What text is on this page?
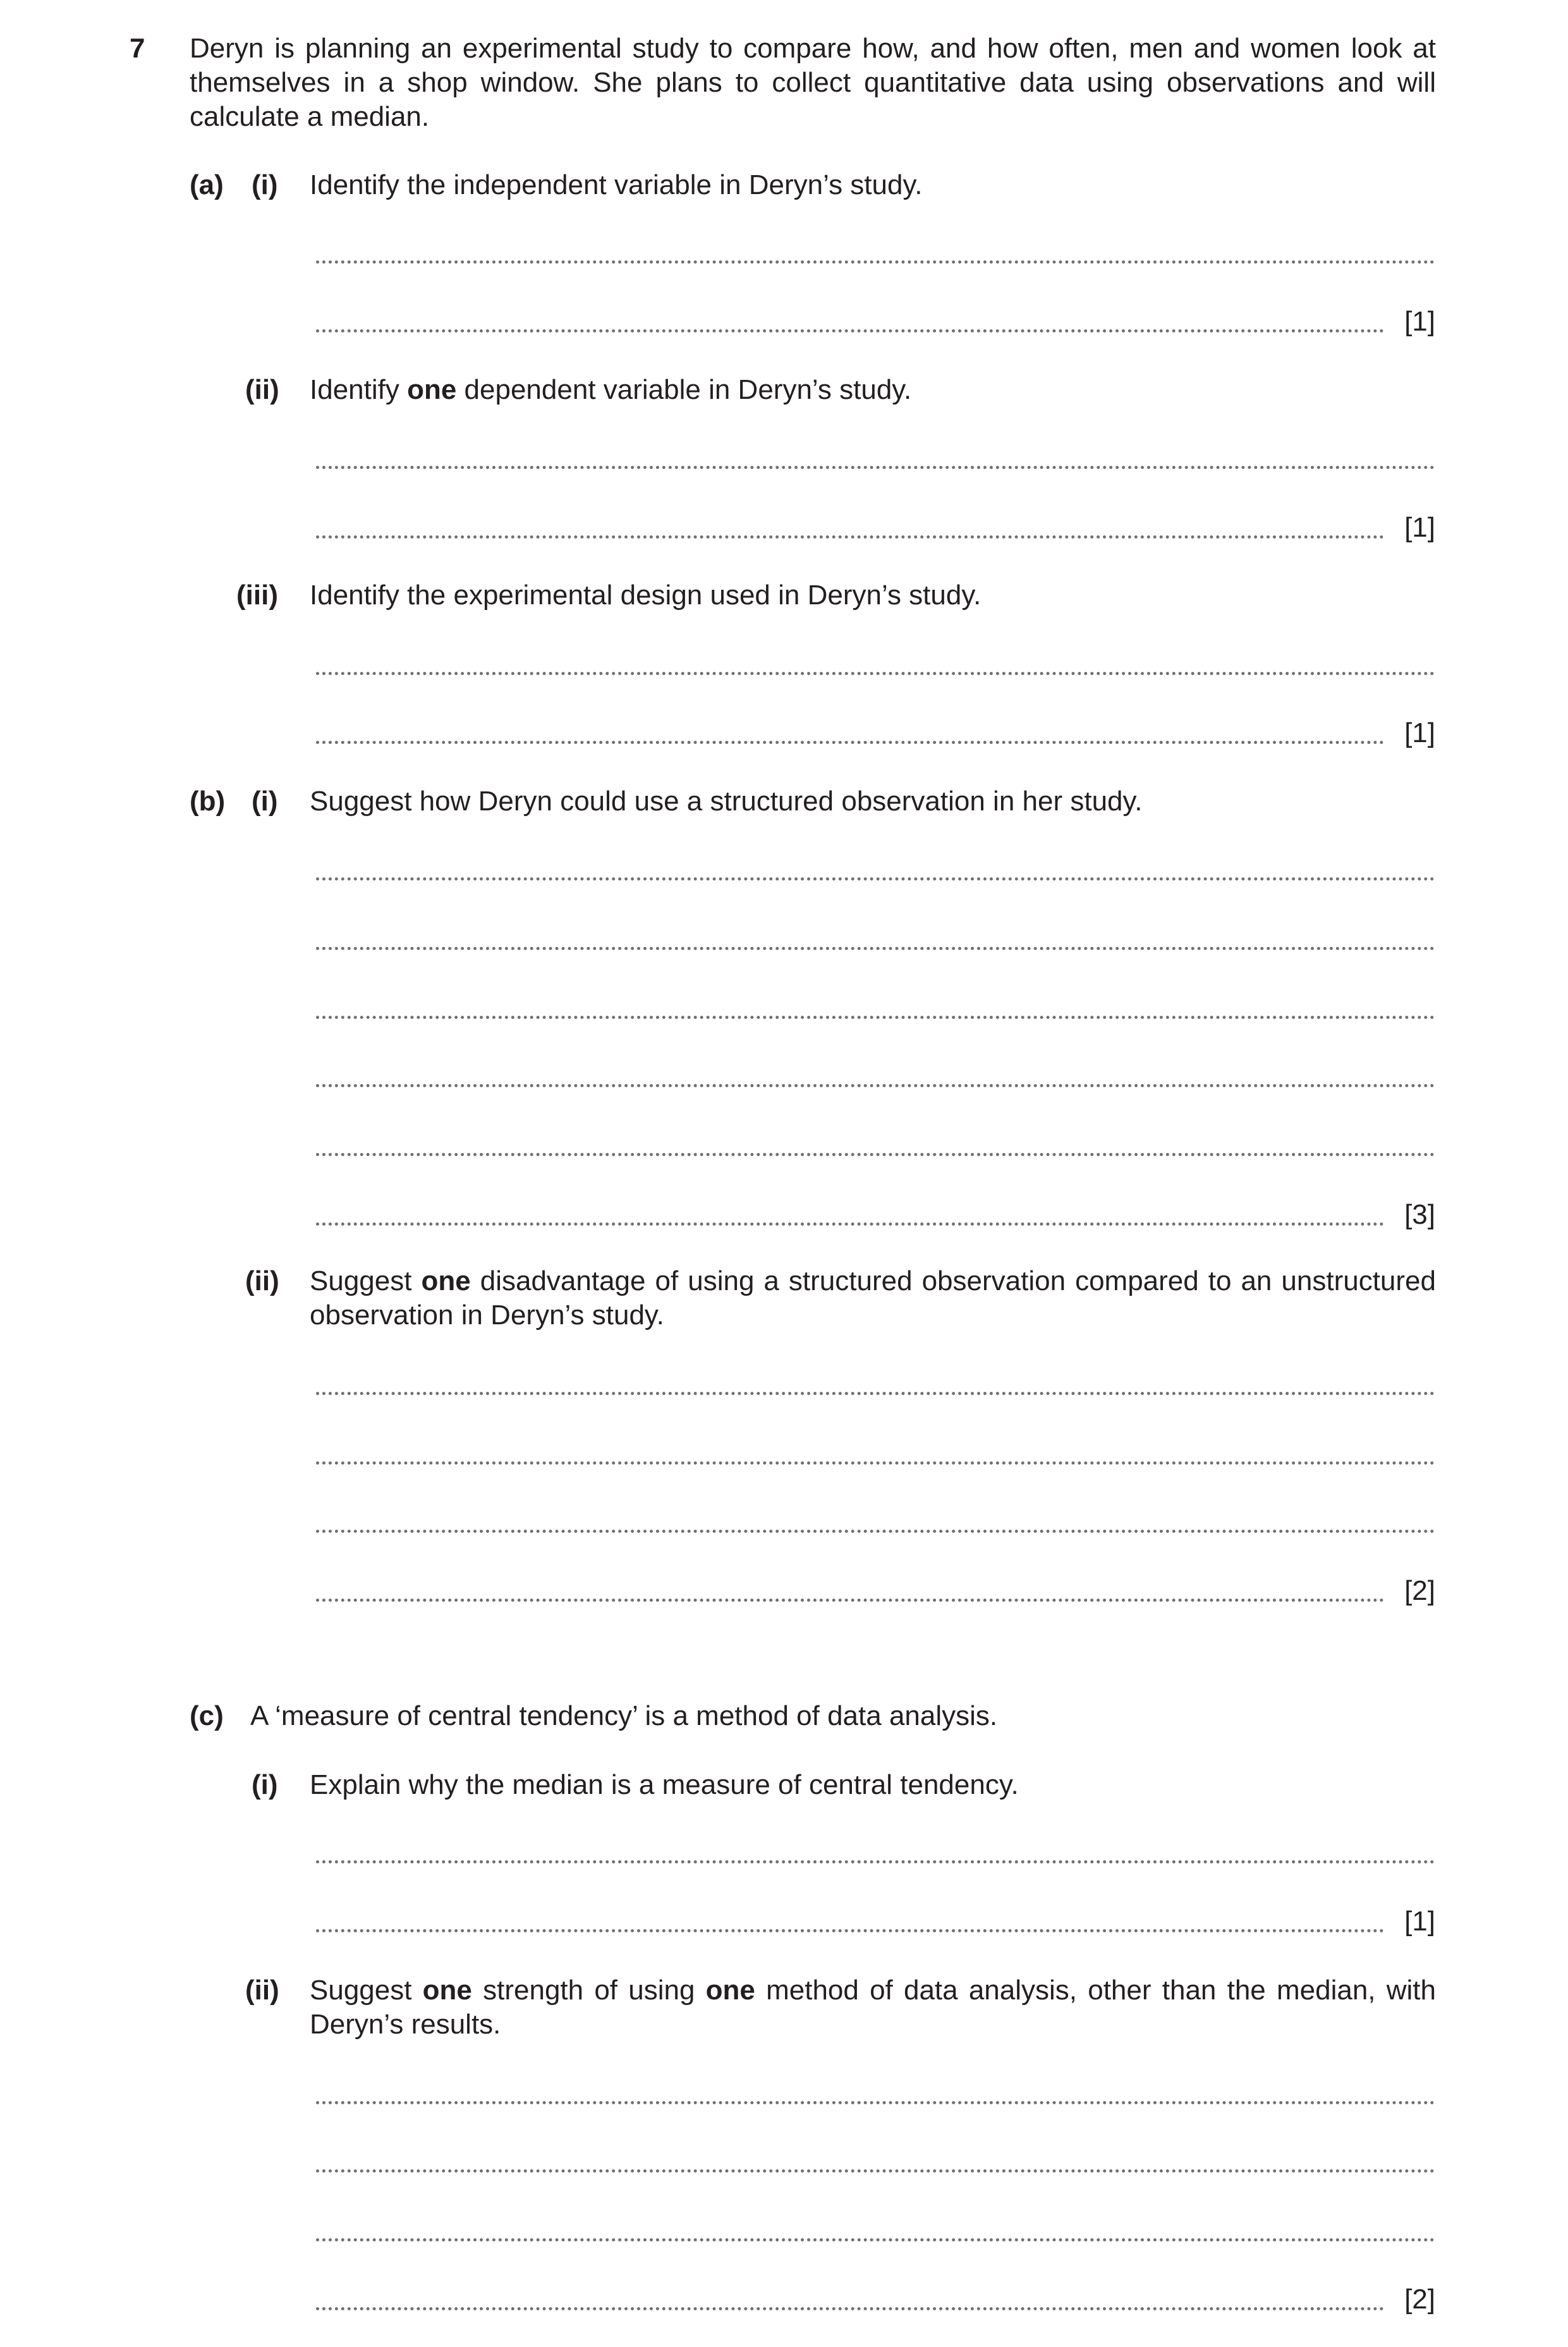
7 Deryn is planning an experimental study to compare how, and how often, men and women look at themselves in a shop window. She plans to collect quantitative data using observations and will calculate a median.
(a) (i) Identify the independent variable in Deryn’s study.
[1]
(ii) Identify one dependent variable in Deryn’s study.
[1]
(iii) Identify the experimental design used in Deryn’s study.
[1]
(b) (i) Suggest how Deryn could use a structured observation in her study.
[3]
(ii) Suggest one disadvantage of using a structured observation compared to an unstructured observation in Deryn’s study.
[2]
(c) A ‘measure of central tendency’ is a method of data analysis.
(i) Explain why the median is a measure of central tendency.
[1]
(ii) Suggest one strength of using one method of data analysis, other than the median, with Deryn’s results.
[2]
